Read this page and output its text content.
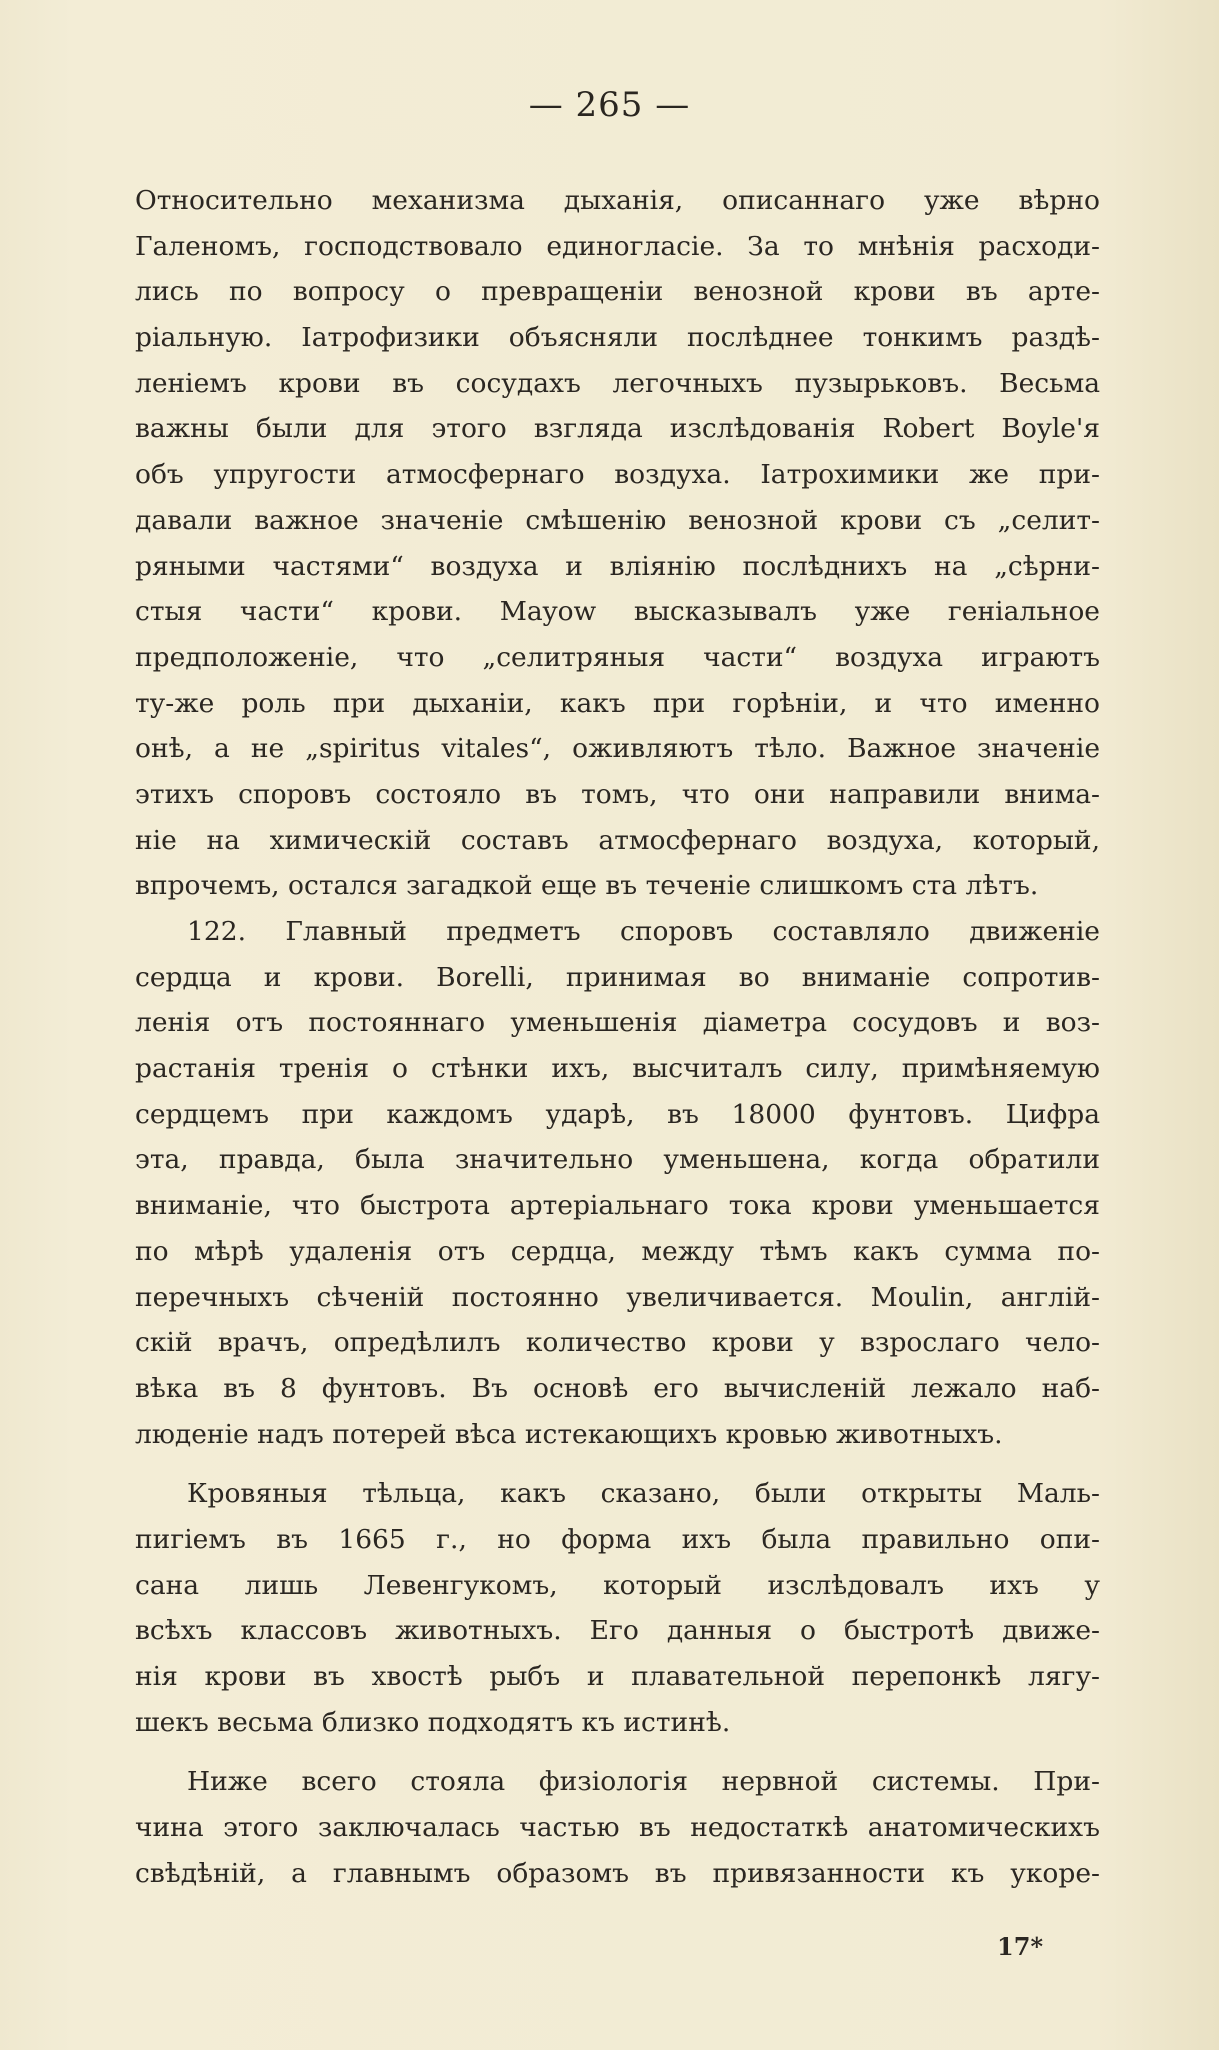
— 265 —
Относительно механизма дыханія, описаннаго уже вѣрно
Галеномъ, господствовало единогласіе. За то мнѣнія расходи-
лись по вопросу о превращеніи венозной крови въ арте-
ріальную. Іатрофизики объясняли послѣднее тонкимъ раздѣ-
леніемъ крови въ сосудахъ легочныхъ пузырьковъ. Весьма
важны были для этого взгляда изслѣдованія Robert Boyle'я
объ упругости атмосфернаго воздуха. Іатрохимики же при-
давали важное значеніе смѣшенію венозной крови съ „селит-
ряными частями“ воздуха и вліянію послѣднихъ на „сѣрни-
стыя части“ крови. Mayow высказывалъ уже геніальное
предположеніе, что „селитряныя части“ воздуха играютъ
ту-же роль при дыханіи, какъ при горѣніи, и что именно
онѣ, а не „spiritus vitales“, оживляютъ тѣло. Важное значеніе
этихъ споровъ состояло въ томъ, что они направили внима-
ніе на химическій составъ атмосфернаго воздуха, который,
впрочемъ, остался загадкой еще въ теченіе слишкомъ ста лѣтъ.
122. Главный предметъ споровъ составляло движеніе
сердца и крови. Borelli, принимая во вниманіе сопротив-
ленія отъ постояннаго уменьшенія діаметра сосудовъ и воз-
растанія тренія о стѣнки ихъ, высчиталъ силу, примѣняемую
сердцемъ при каждомъ ударѣ, въ 18000 фунтовъ. Цифра
эта, правда, была значительно уменьшена, когда обратили
вниманіе, что быстрота артеріальнаго тока крови уменьшается
по мѣрѣ удаленія отъ сердца, между тѣмъ какъ сумма по-
перечныхъ сѣченій постоянно увеличивается. Moulin, англій-
скій врачъ, опредѣлилъ количество крови у взрослаго чело-
вѣка въ 8 фунтовъ. Въ основѣ его вычисленій лежало наб-
люденіе надъ потерей вѣса истекающихъ кровью животныхъ.
Кровяныя тѣльца, какъ сказано, были открыты Маль-
пигіемъ въ 1665 г., но форма ихъ была правильно опи-
сана лишь Левенгукомъ, который изслѣдовалъ ихъ у
всѣхъ классовъ животныхъ. Его данныя о быстротѣ движе-
нія крови въ хвостѣ рыбъ и плавательной перепонкѣ лягу-
шекъ весьма близко подходятъ къ истинѣ.
Ниже всего стояла физіологія нервной системы. При-
чина этого заключалась частью въ недостаткѣ анатомическихъ
свѣдѣній, а главнымъ образомъ въ привязанности къ укоре-
17*
